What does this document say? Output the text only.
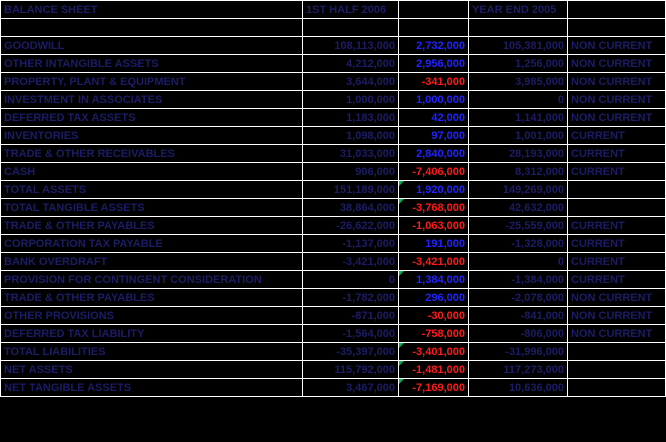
BALANCE SHEET	1ST HALF 2006		YEAR END 2005	

GOODWILL	108,113,000	2,732,000	105,381,000	NON CURRENT
OTHER INTANGIBLE ASSETS	4,212,000	2,956,000	1,256,000	NON CURRENT
PROPERTY, PLANT & EQUIPMENT	3,644,000	-341,000	3,985,000	NON CURRENT
INVESTMENT IN ASSOCIATES	1,000,000	1,000,000	0	NON CURRENT
DEFERRED TAX ASSETS	1,183,000	42,000	1,141,000	NON CURRENT
INVENTORIES	1,098,000	97,000	1,001,000	CURRENT
TRADE & OTHER RECEIVABLES	31,033,000	2,840,000	28,193,000	CURRENT
CASH	906,000	-7,406,000	8,312,000	CURRENT
TOTAL ASSETS	151,189,000	1,920,000	149,269,000	
TOTAL TANGIBLE ASSETS	38,864,000	-3,768,000	42,632,000	
TRADE & OTHER PAYABLES	-26,622,000	-1,063,000	-25,559,000	CURRENT
CORPORATION TAX PAYABLE	-1,137,000	191,000	-1,328,000	CURRENT
BANK OVERDRAFT	-3,421,000	-3,421,000	0	CURRENT
PROVISION FOR CONTINGENT CONSIDERATION	0	1,384,000	-1,384,000	CURRENT
TRADE & OTHER PAYABLES	-1,782,000	296,000	-2,078,000	NON CURRENT
OTHER PROVISIONS	-871,000	-30,000	-841,000	NON CURRENT
DEFERRED TAX LIABILITY	-1,564,000	-758,000	-806,000	NON CURRENT
TOTAL LIABILITIES	-35,397,000	-3,401,000	-31,996,000	
NET ASSETS	115,792,000	-1,481,000	117,273,000	
NET TANGIBLE ASSETS	3,467,000	-7,169,000	10,636,000	
